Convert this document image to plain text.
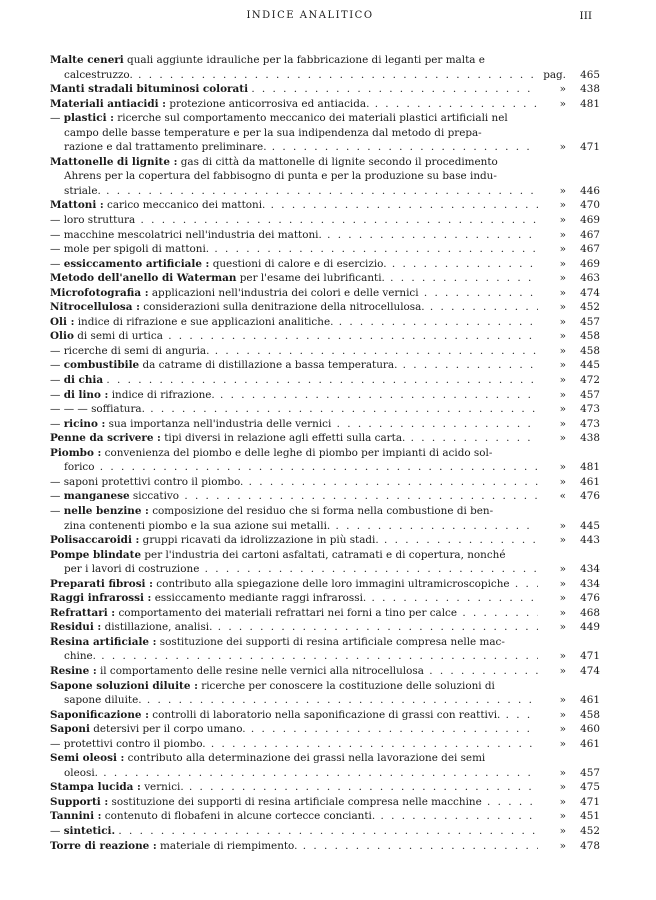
INDICE ANALITICO	III
Malte ceneri quali aggiunte idrauliche per la fabbricazione di leganti per malta e
calcestruzzo. . . .	pag.	465
Manti stradali bituminosi colorati . . .	»	438
Materiali antiacidi : protezione anticorrosiva ed antiacida. . . .	»	481
— plastici : ricerche sul comportamento meccanico dei materiali plastici artificiali nel
campo delle basse temperature e per la sua indipendenza dal metodo di prepa-
razione e dal trattamento preliminare. . . .	»	471
Mattonelle di lignite : gas di città da mattonelle di lignite secondo il procedimento
Ahrens per la copertura del fabbisogno di punta e per la produzione su base indu-
striale. . . .	»	446
Mattoni : carico meccanico dei mattoni. . . .	»	470
— loro struttura . . .	»	469
— macchine mescolatrici nell'industria dei mattoni. . . .	»	467
— mole per spigoli di mattoni. . . .	»	467
— essiccamento artificiale : questioni di calore e di esercizio. . . .	»	469
Metodo dell'anello di Waterman per l'esame dei lubrificanti. . . .	»	463
Microfotografia : applicazioni nell'industria dei colori e delle vernici . . .	»	474
Nitrocellulosa : considerazioni sulla denitrazione della nitrocellulosa. . . .	»	452
Oli : indice di rifrazione e sue applicazioni analitiche. . . .	»	457
Olio di semi di urtica . . .	»	458
— ricerche di semi di anguria. . . .	»	458
— combustibile da catrame di distillazione a bassa temperatura. . . .	»	445
— di chia . . .	»	472
— di lino : indice di rifrazione. . . .	»	457
— — — soffiatura. . . .	»	473
— ricino : sua importanza nell'industria delle vernici . . .	»	473
Penne da scrivere : tipi diversi in relazione agli effetti sulla carta. . . .	»	438
Piombo : convenienza del piombo e delle leghe di piombo per impianti di acido sol-
forico . . .	»	481
— saponi protettivi contro il piombo. . . .	»	461
— manganese siccativo . . .	«	476
— nelle benzine : composizione del residuo che si forma nella combustione di ben-
zina contenenti piombo e la sua azione sui metalli. . . .	»	445
Polisaccaroidi : gruppi ricavati da idrolizzazione in più stadi. . . .	»	443
Pompe blindate per l'industria dei cartoni asfaltati, catramati e di copertura, nonché
per i lavori di costruzione . . .	»	434
Preparati fibrosi : contributo alla spiegazione delle loro immagini ultramicroscopiche . . .	»	434
Raggi infrarossi : essiccamento mediante raggi infrarossi. . . .	»	476
Refrattari : comportamento dei materiali refrattari nei forni a tino per calce . . .	»	468
Residui : distillazione, analisi. . . .	»	449
Resina artificiale : sostituzione dei supporti di resina artificiale compresa nelle mac-
chine. . . .	»	471
Resine : il comportamento delle resine nelle vernici alla nitrocellulosa . . .	»	474
Sapone soluzioni diluite : ricerche per conoscere la costituzione delle soluzioni di
sapone diluite. . . .	»	461
Saponificazione : controlli di laboratorio nella saponificazione di grassi con reattivi. . . .	»	458
Saponi detersivi per il corpo umano. . . .	»	460
— protettivi contro il piombo. . . .	»	461
Semi oleosi : contributo alla determinazione dei grassi nella lavorazione dei semi
oleosi. . . .	»	457
Stampa lucida : vernici. . . .	»	475
Supporti : sostituzione dei supporti di resina artificiale compresa nelle macchine . . .	»	471
Tannini : contenuto di flobafeni in alcune cortecce concianti. . . .	»	451
— sintetici. . . .	»	452
Torre di reazione : materiale di riempimento. . . .	»	478
